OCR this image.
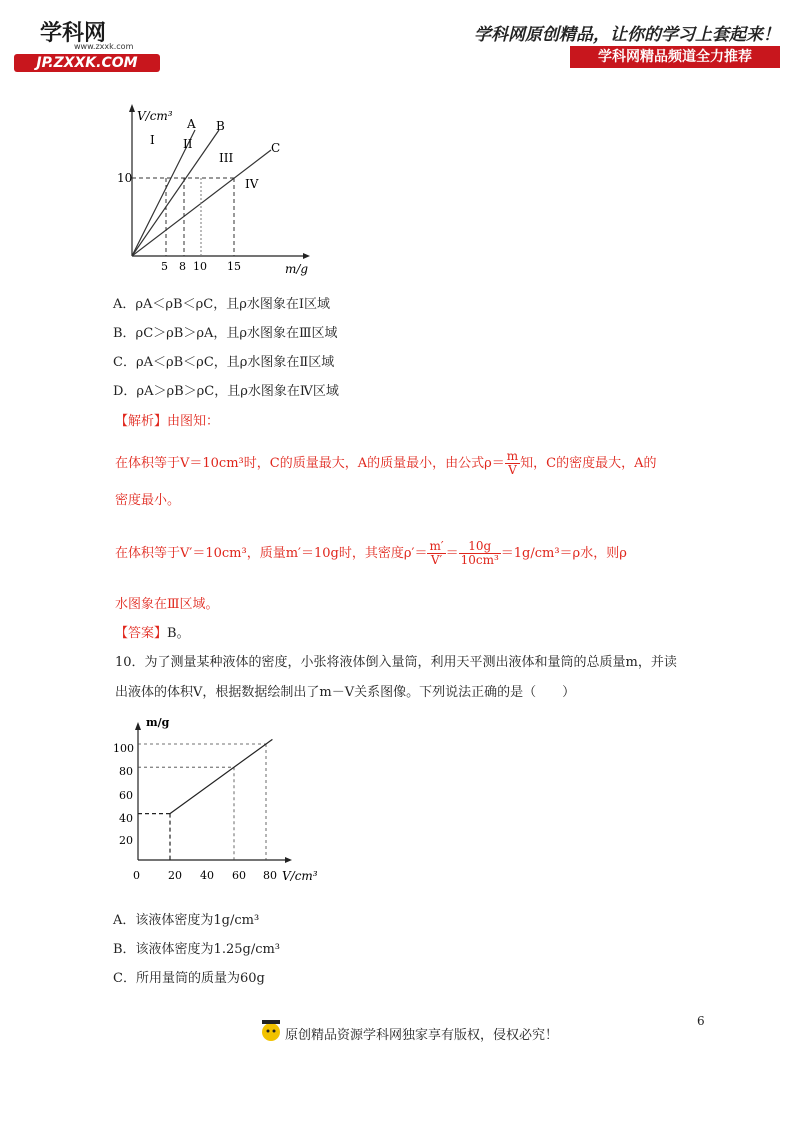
学科网
www.zxxk.com
JP.ZXXK.COM
学科网原创精品，让你的学习上套起来！
学科网精品频道全力推荐
V/cm³
10
5 8 10 15	m/g
A B
C
I II
III
IV
A．ρA＜ρB＜ρC，且ρ水图象在Ⅰ区域
B．ρC＞ρB＞ρA，且ρ水图象在Ⅲ区域
C．ρA＜ρB＜ρC，且ρ水图象在Ⅱ区域
D．ρA＞ρB＞ρC，且ρ水图象在Ⅳ区域
【解析】由图知：
在体积等于V＝10cm³时，C的质量最大，A的质量最小，由公式$\rho= \frac{m}{V}$ 知，C的密度最大，A的
密度最小。
在体积等于V′＝10cm³，质量m′＝10g时，其密度$\rho'= \frac{m'}{V'} = \frac{10g}{\text{10cm³}} =1g/cm^3=\rho$水，则ρ
水图象在Ⅲ区域。
【答案】B。
10．为了测量某种液体的密度，小张将液体倒入量筒，利用天平测出液体和量筒的总质量m，并读
出液体的体积V，根据数据绘制出了m－V关系图像。下列说法正确的是（　　）
m/g
V/cm³
20
40
60
80
100
0	20 40 60 80
A．该液体密度为1g/cm³
B．该液体密度为1.25g/cm³
C．所用量筒的质量为60g
原创精品资源学科网独家享有版权，侵权必究！
6
